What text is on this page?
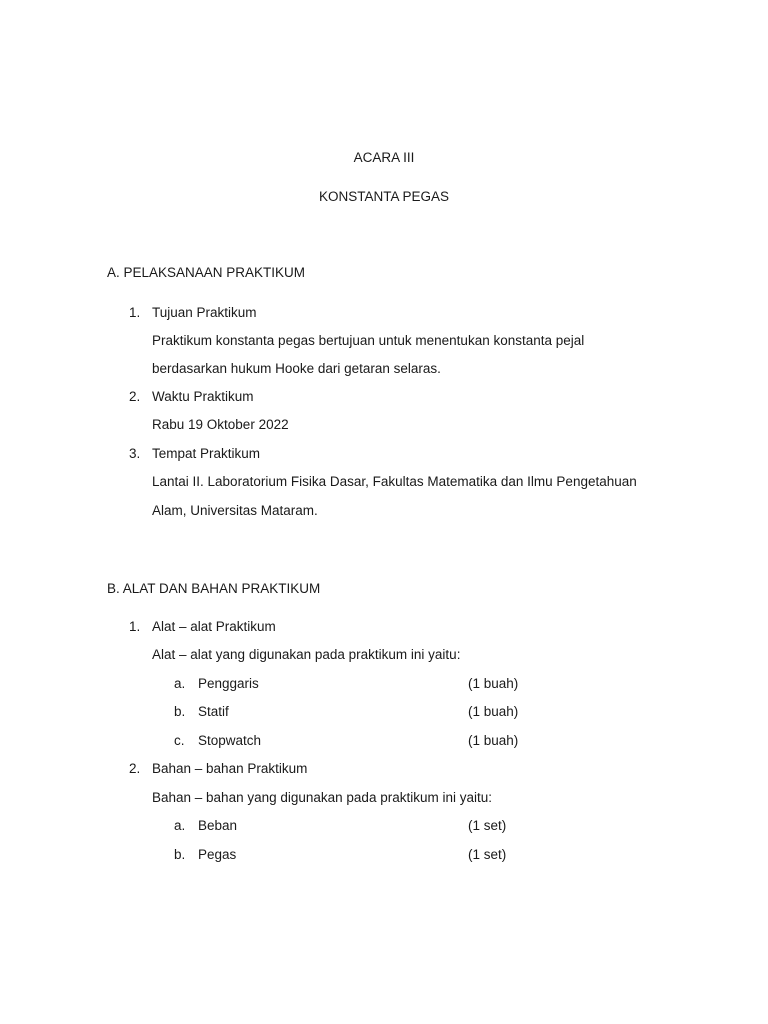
ACARA III
KONSTANTA PEGAS
A. PELAKSANAAN PRAKTIKUM
1. Tujuan Praktikum
Praktikum konstanta pegas bertujuan untuk menentukan konstanta pejal
berdasarkan hukum Hooke dari getaran selaras.
2. Waktu Praktikum
Rabu 19 Oktober 2022
3. Tempat Praktikum
Lantai II. Laboratorium Fisika Dasar, Fakultas Matematika dan Ilmu Pengetahuan
Alam, Universitas Mataram.
B. ALAT DAN BAHAN PRAKTIKUM
1. Alat – alat Praktikum
Alat – alat yang digunakan pada praktikum ini yaitu:
a. Penggaris	(1 buah)
b. Statif	(1 buah)
c. Stopwatch	(1 buah)
2. Bahan – bahan Praktikum
Bahan – bahan yang digunakan pada praktikum ini yaitu:
a. Beban	(1 set)
b. Pegas	(1 set)
